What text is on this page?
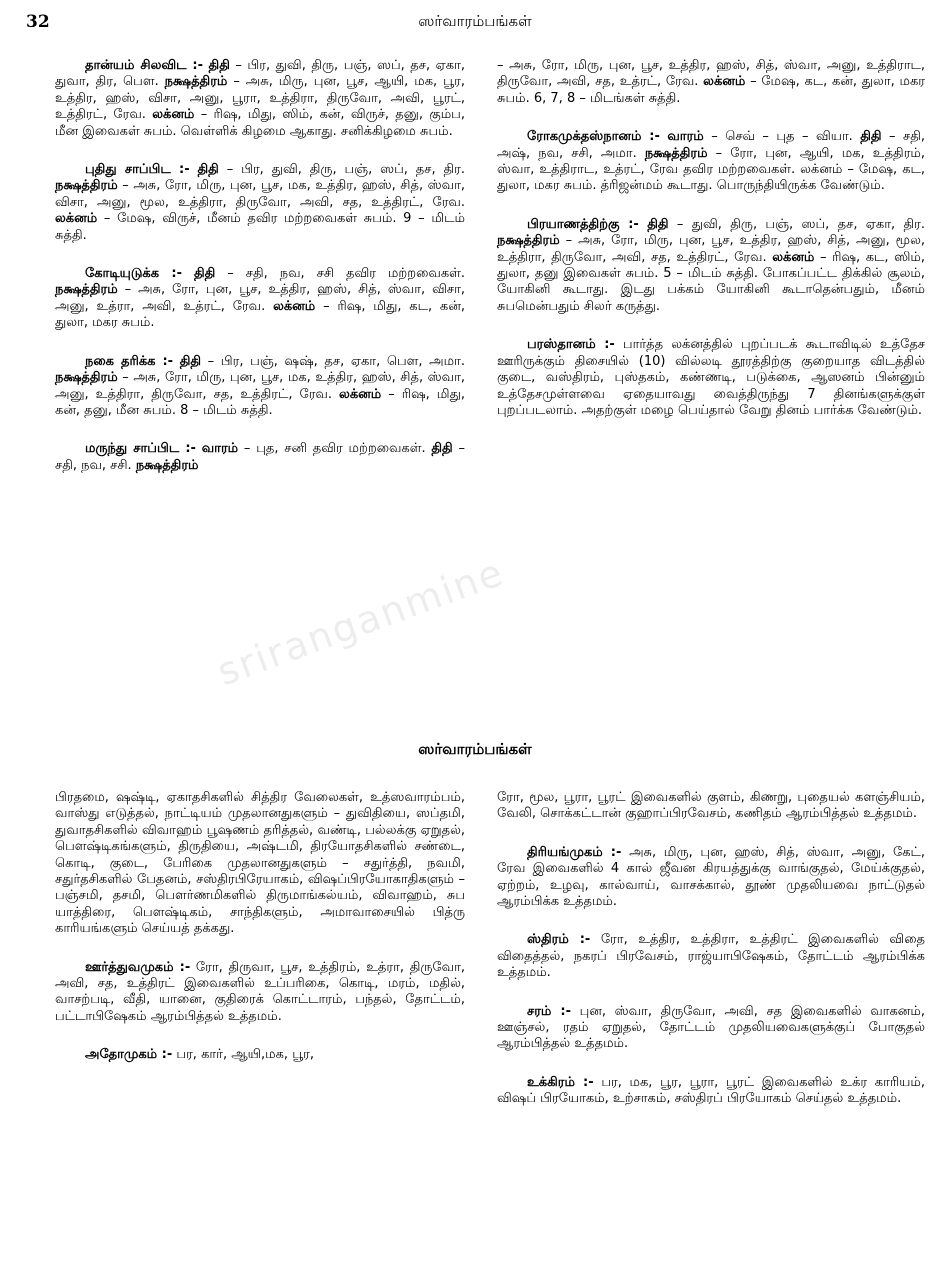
32	ஸர்வாரம்பங்கள்
sriranganmine

தான்யம் சிலவிட :- திதி – பிர, துவி, திரு, பஞ், ஸப், தச, ஏகா, துவா, திர, பௌ. நக்ஷத்திரம் – அசு, மிரு, புன, பூச, ஆயி, மக, பூர, உத்திர, ஹஸ், விசா, அனு, பூரா, உத்திரா, திருவோ, அவி, பூரட், உத்திரட், ரேவ. லக்னம் – ரிஷ, மிது, ஸிம், கன், விருச், தனு, கும்ப, மீன இவைகள் சுபம். வெள்ளிக் கிழமை ஆகாது. சனிக்கிழமை சுபம்.

புதிது சாப்பிட :- திதி – பிர, துவி, திரு, பஞ், ஸப், தச, திர. நக்ஷத்திரம் – அசு, ரோ, மிரு, புன, பூச, மக, உத்திர, ஹஸ், சித், ஸ்வா, விசா, அனு, மூல, உத்திரா, திருவோ, அவி, சத, உத்திரட், ரேவ. லக்னம் – மேஷ, விருச், மீனம் தவிர மற்றவைகள் சுபம். 9 – மிடம் சுத்தி.

கோடியுடுக்க :- திதி – சதி, நவ, சசி தவிர மற்றவைகள். நக்ஷத்திரம் – அசு, ரோ, புன, பூச, உத்திர, ஹஸ், சித், ஸ்வா, விசா, அனு, உத்ரா, அவி, உத்ரட், ரேவ. லக்னம் – ரிஷ, மிது, கட, கன், துலா, மகர சுபம்.

நகை தரிக்க :- திதி – பிர, பஞ், ஷஷ், தச, ஏகா, பௌ, அமா. நக்ஷத்திரம் – அசு, ரோ, மிரு, புன, பூச, மக, உத்திர, ஹஸ், சித், ஸ்வா, அனு, உத்திரா, திருவோ, சத, உத்திரட், ரேவ. லக்னம் – ரிஷ, மிது, கன், தனு, மீன சுபம். 8 – மிடம் சுத்தி.

மருந்து சாப்பிட :- வாரம் – புத, சனி தவிர மற்றவைகள். திதி – சதி, நவ, சசி. நக்ஷத்திரம்

– அசு, ரோ, மிரு, புன, பூச, உத்திர, ஹஸ், சித், ஸ்வா, அனு, உத்திராட, திருவோ, அவி, சத, உத்ரட், ரேவ. லக்னம் – மேஷ, கட, கன், துலா, மகர சுபம். 6, 7, 8 – மிடங்கள் சுத்தி.

ரோகமுக்தஸ்நானம் :- வாரம் – செவ் – புத – வியா. திதி – சதி, அஷ், நவ, சசி, அமா. நக்ஷத்திரம் – ரோ, புன, ஆயி, மக, உத்திரம், ஸ்வா, உத்திராட, உத்ரட், ரேவ தவிர மற்றவைகள். லக்னம் – மேஷ, கட, துலா, மகர சுபம். த்ரிஜன்மம் கூடாது. பொருந்தியிருக்க வேண்டும்.

பிரயாணத்திற்கு :- திதி – துவி, திரு, பஞ், ஸப், தச, ஏகா, திர. நக்ஷத்திரம் – அசு, ரோ, மிரு, புன, பூச, உத்திர, ஹஸ், சித், அனு, மூல, உத்திரா, திருவோ, அவி, சத, உத்திரட், ரேவ. லக்னம் – ரிஷ, கட, ஸிம், துலா, தனு இவைகள் சுபம். 5 – மிடம் சுத்தி. போகப்பட்ட திக்கில் சூலம், யோகினி கூடாது. இடது பக்கம் யோகினி கூடாதென்பதும், மீனம் சுபமென்பதும் சிலர் கருத்து.

பரஸ்தானம் :- பார்த்த லக்னத்தில் புறப்படக் கூடாவிடில் உத்தேச ஊரிருக்கும் திசையில் (10) வில்லடி தூரத்திற்கு குறையாத விடத்தில் குடை, வஸ்திரம், புஸ்தகம், கண்ணடி, படுக்கை, ஆஸனம் பின்னும் உத்தேசமுள்ளவை ஏதையாவது வைத்திருந்து 7 தினங்களுக்குள் புறப்படலாம். அதற்குள் மழை பெய்தால் வேறு தினம் பார்க்க வேண்டும்.

ஸர்வாரம்பங்கள்

பிரதமை, ஷஷ்டி, ஏகாதசிகளில் சித்திர வேலைகள், உத்ஸவாரம்பம், வாஸ்து எடுத்தல், நாட்டியம் முதலானதுகளும் – துவிதியை, ஸப்தமி, துவாதசிகளில் விவாஹம் பூஷணம் தரித்தல், வண்டி, பல்லக்கு ஏறுதல், பௌஷ்டிகங்களும், திருதியை, அஷ்டமி, திரயோதசிகளில் சண்டை, கொடி, குடை, பேரிகை முதலானதுகளும் – சதுர்த்தி, நவமி, சதுர்தசிகளில் பேதனம், சஸ்திரபிரேயாகம், விஷப்பிரயோகாதிகளும் – பஞ்சமி, தசமி, பௌர்ணமிகளில் திருமாங்கல்யம், விவாஹம், சுப யாத்திரை, பௌஷ்டிகம், சாந்திகளும், அமாவாசையில் பித்ரு காரியங்களும் செய்யத் தக்கது.

ஊர்த்துவமுகம் :- ரோ, திருவா, பூச, உத்திரம், உத்ரா, திருவோ, அவி, சத, உத்திரட் இவைகளில் உப்பரிகை, கொடி, மரம், மதில், வாசற்படி, வீதி, யானை, குதிரைக் கொட்டாரம், பந்தல், தோட்டம், பட்டாபிஷேகம் ஆரம்பித்தல் உத்தமம்.

அதோமுகம் :- பர, கார், ஆயி,மக, பூர,

ரோ, மூல, பூரா, பூரட் இவைகளில் குளம், கிணறு, புதையல் களஞ்சியம், வேலி, சொக்கட்டான் குஹாப்பிரவேசம், கணிதம் ஆரம்பித்தல் உத்தமம்.

திரியங்முகம் :- அசு, மிரு, புன, ஹஸ், சித், ஸ்வா, அனு, கேட், ரேவ இவைகளில் 4 கால் ஜீவன கிரயத்துக்கு வாங்குதல், மேய்க்குதல், ஏற்றம், உழவு, கால்வாய், வாசக்கால், தூண் முதலியவை நாட்டுதல் ஆரம்பிக்க உத்தமம்.

ஸ்திரம் :- ரோ, உத்திர, உத்திரா, உத்திரட் இவைகளில் விதை விதைத்தல், நகரப் பிரவேசம், ராஜ்யாபிஷேகம், தோட்டம் ஆரம்பிக்க உத்தமம்.

சரம் :- புன, ஸ்வா, திருவோ, அவி, சத இவைகளில் வாகனம், ஊஞ்சல், ரதம் ஏறுதல், தோட்டம் முதலியவைகளுக்குப் போகுதல் ஆரம்பித்தல் உத்தமம்.

உக்கிரம் :- பர, மக, பூர, பூரா, பூரட் இவைகளில் உக்ர காரியம், விஷப் பிரயோகம், உற்சாகம், சஸ்திரப் பிரயோகம் செய்தல் உத்தமம்.
